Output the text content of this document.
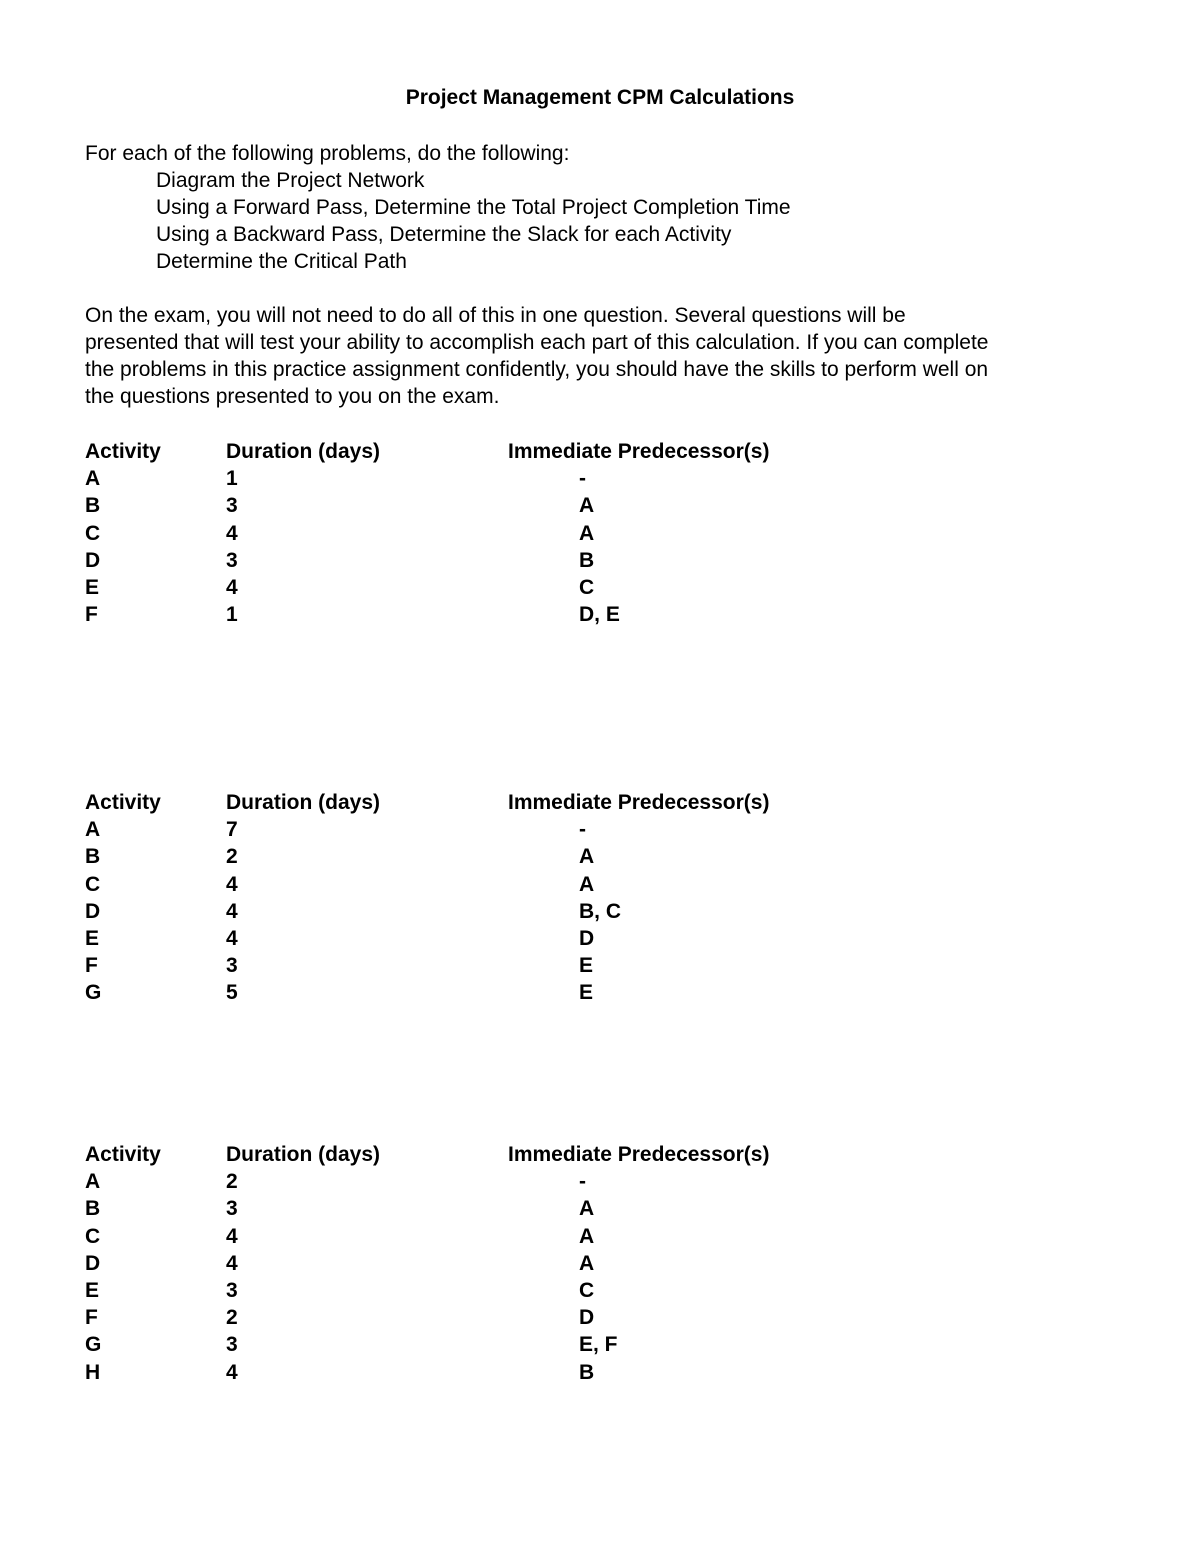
Project Management CPM Calculations
For each of the following problems, do the following:
Diagram the Project Network
Using a Forward Pass, Determine the Total Project Completion Time
Using a Backward Pass, Determine the Slack for each Activity
Determine the Critical Path
On the exam, you will not need to do all of this in one question. Several questions will be
presented that will test your ability to accomplish each part of this calculation. If you can complete
the problems in this practice assignment confidently, you should have the skills to perform well on
the questions presented to you on the exam.
Activity	Duration (days)	Immediate Predecessor(s)
A	1	-
B	3	A
C	4	A
D	3	B
E	4	C
F	1	D, E
Activity	Duration (days)	Immediate Predecessor(s)
A	7	-
B	2	A
C	4	A
D	4	B, C
E	4	D
F	3	E
G	5	E
Activity	Duration (days)	Immediate Predecessor(s)
A	2	-
B	3	A
C	4	A
D	4	A
E	3	C
F	2	D
G	3	E, F
H	4	B
